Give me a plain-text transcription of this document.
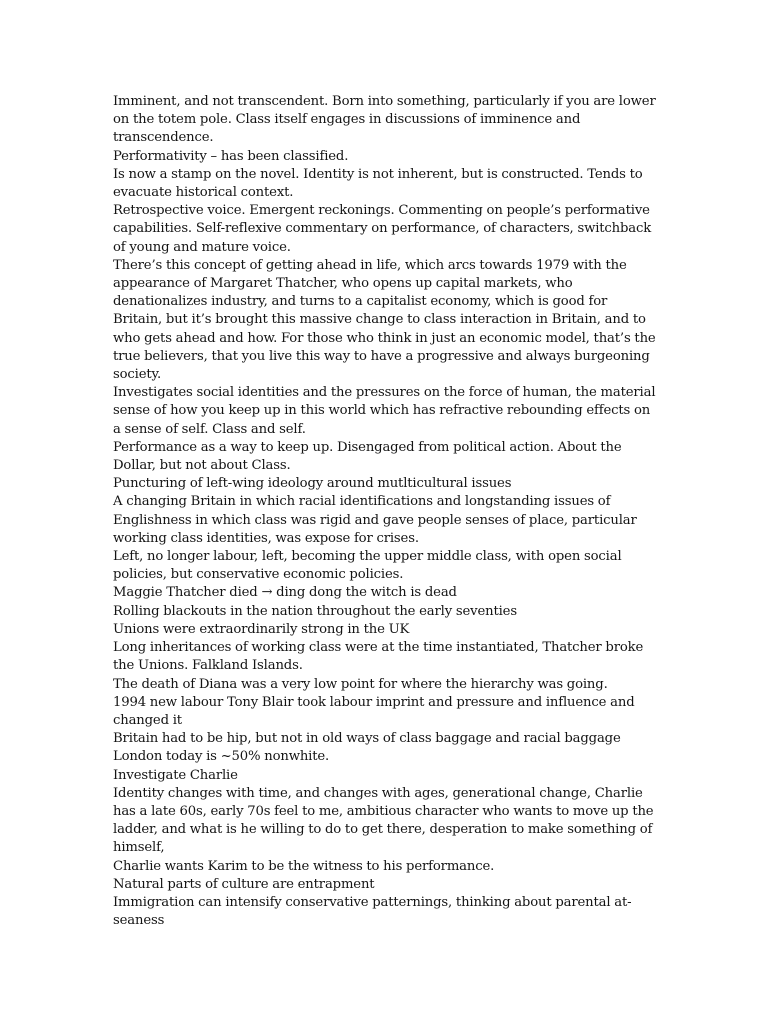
Imminent, and not transcendent. Born into something, particularly if you are lower on the totem pole. Class itself engages in discussions of imminence and transcendence.

Performativity – has been classified.

Is now a stamp on the novel. Identity is not inherent, but is constructed. Tends to evacuate historical context.

Retrospective voice. Emergent reckonings. Commenting on people’s performative capabilities. Self-reflexive commentary on performance, of characters, switchback of young and mature voice.

There’s this concept of getting ahead in life, which arcs towards 1979 with the appearance of Margaret Thatcher, who opens up capital markets, who denationalizes industry, and turns to a capitalist economy, which is good for Britain, but it’s brought this massive change to class interaction in Britain, and to who gets ahead and how. For those who think in just an economic model, that’s the true believers, that you live this way to have a progressive and always burgeoning society.

Investigates social identities and the pressures on the force of human, the material sense of how you keep up in this world which has refractive rebounding effects on a sense of self. Class and self.

Performance as a way to keep up. Disengaged from political action. About the Dollar, but not about Class.

Puncturing of left-wing ideology around mutlticultural issues

A changing Britain in which racial identifications and longstanding issues of Englishness in which class was rigid and gave people senses of place, particular working class identities, was expose for crises.

Left, no longer labour, left, becoming the upper middle class, with open social policies, but conservative economic policies.

Maggie Thatcher died → ding dong the witch is dead

Rolling blackouts in the nation throughout the early seventies

Unions were extraordinarily strong in the UK

Long inheritances of working class were at the time instantiated, Thatcher broke the Unions. Falkland Islands.

The death of Diana was a very low point for where the hierarchy was going.

1994 new labour Tony Blair took labour imprint and pressure and influence and changed it

Britain had to be hip, but not in old ways of class baggage and racial baggage

London today is ~50% nonwhite.

Investigate Charlie

Identity changes with time, and changes with ages, generational change, Charlie has a late 60s, early 70s feel to me, ambitious character who wants to move up the ladder, and what is he willing to do to get there, desperation to make something of himself,

Charlie wants Karim to be the witness to his performance.

Natural parts of culture are entrapment

Immigration can intensify conservative patternings, thinking about parental at-seaness
